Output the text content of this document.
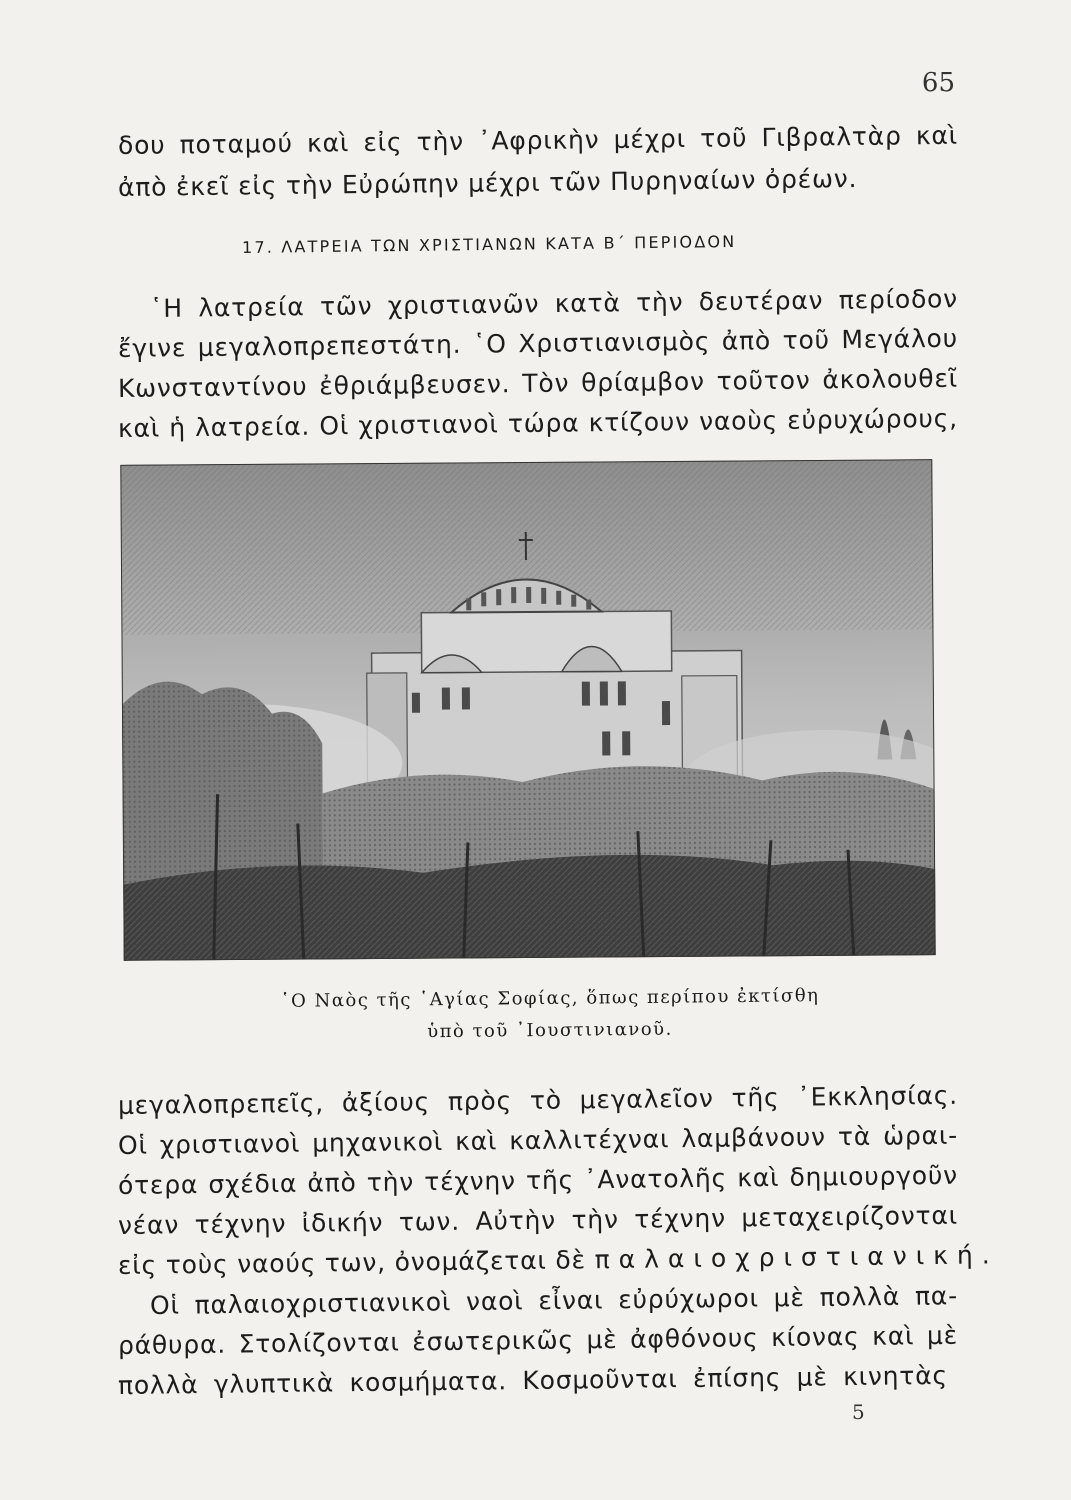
65
δου ποταμού καὶ εἰς τὴν ᾿Αφρικὴν μέχρι τοῦ Γιβραλτὰρ καὶ
ἀπὸ ἐκεῖ εἰς τὴν Εὐρώπην μέχρι τῶν Πυρηναίων ὀρέων.
17. ΛΑΤΡΕΙΑ ΤΩΝ ΧΡΙΣΤΙΑΝΩΝ ΚΑΤΑ Β΄ ΠΕΡΙΟΔΟΝ
῾Η λατρεία τῶν χριστιανῶν κατὰ τὴν δευτέραν περίοδον
ἔγινε μεγαλοπρεπεστάτη. ῾Ο Χριστιανισμὸς ἀπὸ τοῦ Μεγάλου
Κωνσταντίνου ἐθριάμβευσεν. Τὸν θρίαμβον τοῦτον ἀκολουθεῖ
καὶ ἡ λατρεία. Οἱ χριστιανοὶ τώρα κτίζουν ναοὺς εὐρυχώρους,
῾Ο Ναὸς τῆς ῾Αγίας Σοφίας, ὅπως περίπου ἐκτίσθη
ὑπὸ τοῦ ᾿Ιουστινιανοῦ.
μεγαλοπρεπεῖς, ἀξίους πρὸς τὸ μεγαλεῖον τῆς ᾿Εκκλησίας.
Οἱ χριστιανοὶ μηχανικοὶ καὶ καλλιτέχναι λαμβάνουν τὰ ὡραι-
ότερα σχέδια ἀπὸ τὴν τέχνην τῆς ᾿Ανατολῆς καὶ δημιουργοῦν
νέαν τέχνην ἰδικήν των. Αὐτὴν τὴν τέχνην μεταχειρίζονται
εἰς τοὺς ναούς των, ὀνομάζεται δὲ παλαιοχριστιανική.
Οἱ παλαιοχριστιανικοὶ ναοὶ εἶναι εὐρύχωροι μὲ πολλὰ πα-
ράθυρα. Στολίζονται ἐσωτερικῶς μὲ ἀφθόνους κίονας καὶ μὲ
πολλὰ γλυπτικὰ κοσμήματα. Κοσμοῦνται ἐπίσης μὲ κινητὰς
5
